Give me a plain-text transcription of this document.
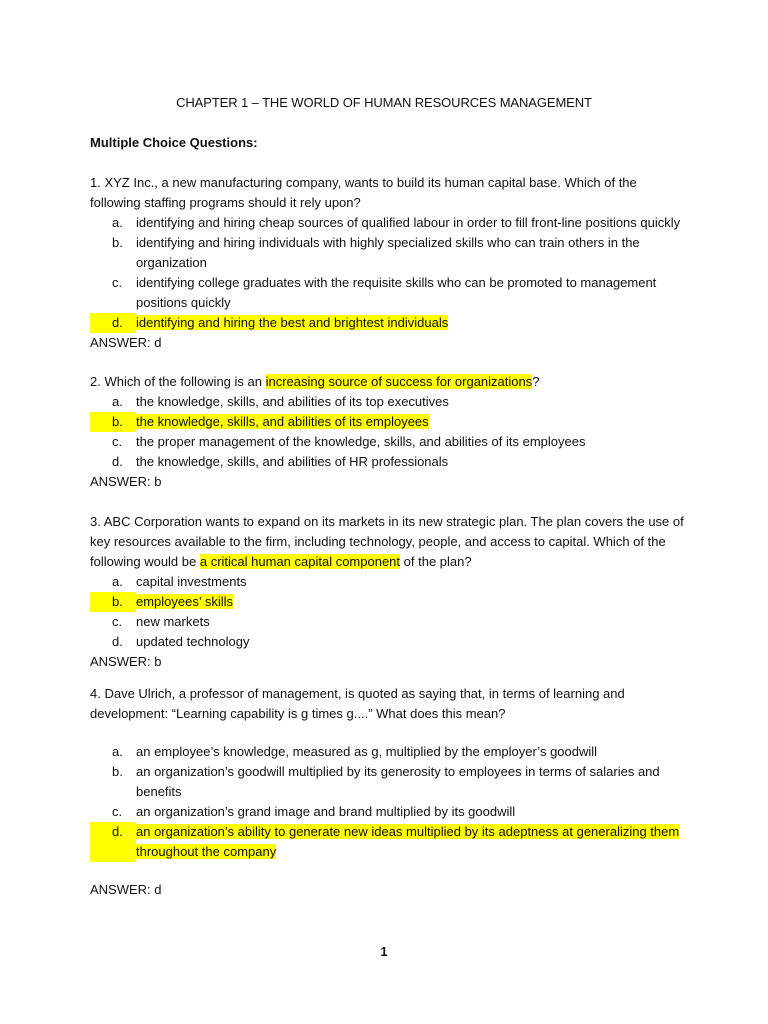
CHAPTER 1 – THE WORLD OF HUMAN RESOURCES MANAGEMENT
Multiple Choice Questions:
1. XYZ Inc., a new manufacturing company, wants to build its human capital base. Which of the following staffing programs should it rely upon?
a.	identifying and hiring cheap sources of qualified labour in order to fill front-line positions quickly
b.	identifying and hiring individuals with highly specialized skills who can train others in the organization
c.	identifying college graduates with the requisite skills who can be promoted to management positions quickly
d.	identifying and hiring the best and brightest individuals
ANSWER: d
2. Which of the following is an increasing source of success for organizations?
a.	the knowledge, skills, and abilities of its top executives
b.	the knowledge, skills, and abilities of its employees
c.	the proper management of the knowledge, skills, and abilities of its employees
d.	the knowledge, skills, and abilities of HR professionals
ANSWER: b
3. ABC Corporation wants to expand on its markets in its new strategic plan. The plan covers the use of key resources available to the firm, including technology, people, and access to capital. Which of the following would be a critical human capital component of the plan?
a.	capital investments
b.	employees’ skills
c.	new markets
d.	updated technology
ANSWER: b
4. Dave Ulrich, a professor of management, is quoted as saying that, in terms of learning and development: “Learning capability is g times g....” What does this mean?
a.	an employee’s knowledge, measured as g, multiplied by the employer’s goodwill
b.	an organization’s goodwill multiplied by its generosity to employees in terms of salaries and benefits
c.	an organization’s grand image and brand multiplied by its goodwill
d.	an organization’s ability to generate new ideas multiplied by its adeptness at generalizing them throughout the company
ANSWER: d
1
